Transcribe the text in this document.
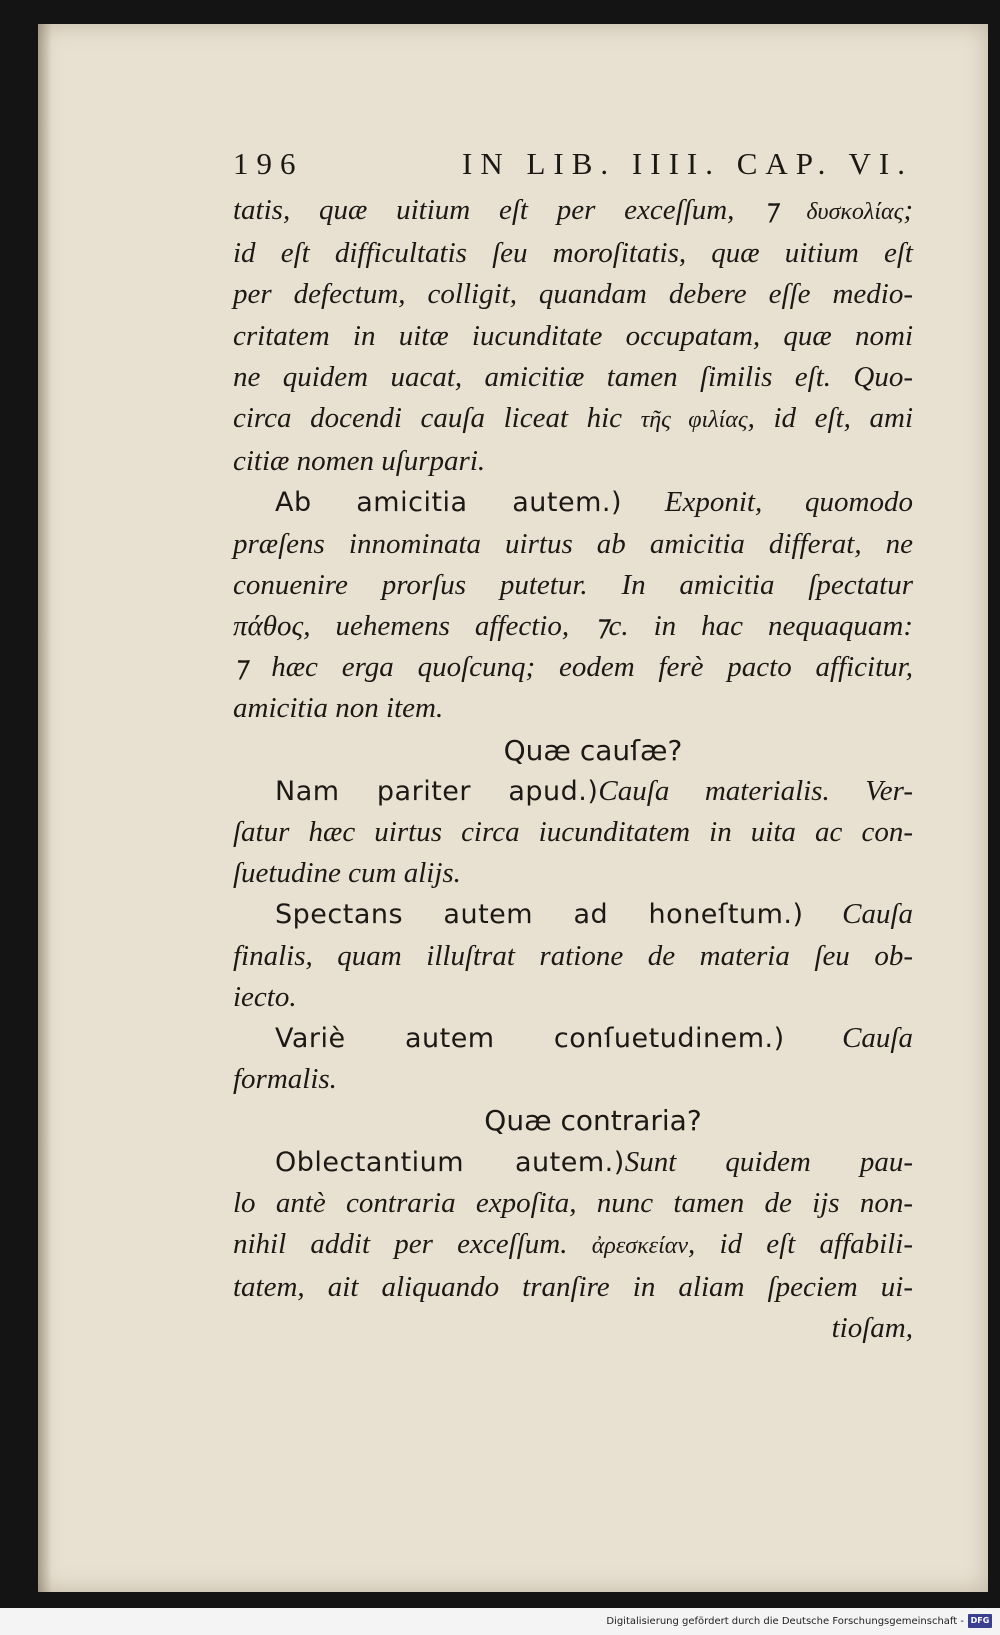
196	IN LIB. IIII. CAP. VI.
tatis, quæ uitium eſt per exceſſum, ⁊ δυσκολίας;
id eſt difficultatis ſeu moroſitatis, quæ uitium eſt
per defectum, colligit, quandam debere eſſe medio-
critatem in uitæ iucunditate occupatam, quæ nomi
ne quidem uacat, amicitiæ tamen ſimilis eſt. Quo-
circa docendi cauſa liceat hic τῆς φιλίας, id eſt, ami
citiæ nomen uſurpari.
Ab amicitia autem.) Exponit, quomodo
præſens innominata uirtus ab amicitia differat, ne
conuenire prorſus putetur. In amicitia ſpectatur
πάθος, uehemens affectio, ⁊c. in hac nequaquam:
⁊ hæc erga quoſcunq; eodem ferè pacto afficitur,
amicitia non item.
Quæ cauſæ?
Nam pariter apud.)Cauſa materialis. Ver-
ſatur hæc uirtus circa iucunditatem in uita ac con-
ſuetudine cum alijs.
Spectans autem ad honeſtum.) Cauſa
finalis, quam illuſtrat ratione de materia ſeu ob-
iecto.
Variè autem conſuetudinem.) Cauſa
formalis.
Quæ contraria?
Oblectantium autem.)Sunt quidem pau-
lo antè contraria expoſita, nunc tamen de ijs non-
nihil addit per exceſſum. ἀρεσκείαν, id eſt affabili-
tatem, ait aliquando tranſire in aliam ſpeciem ui-
tioſam,
Digitalisierung gefördert durch die Deutsche Forschungsgemeinschaft - DFG
